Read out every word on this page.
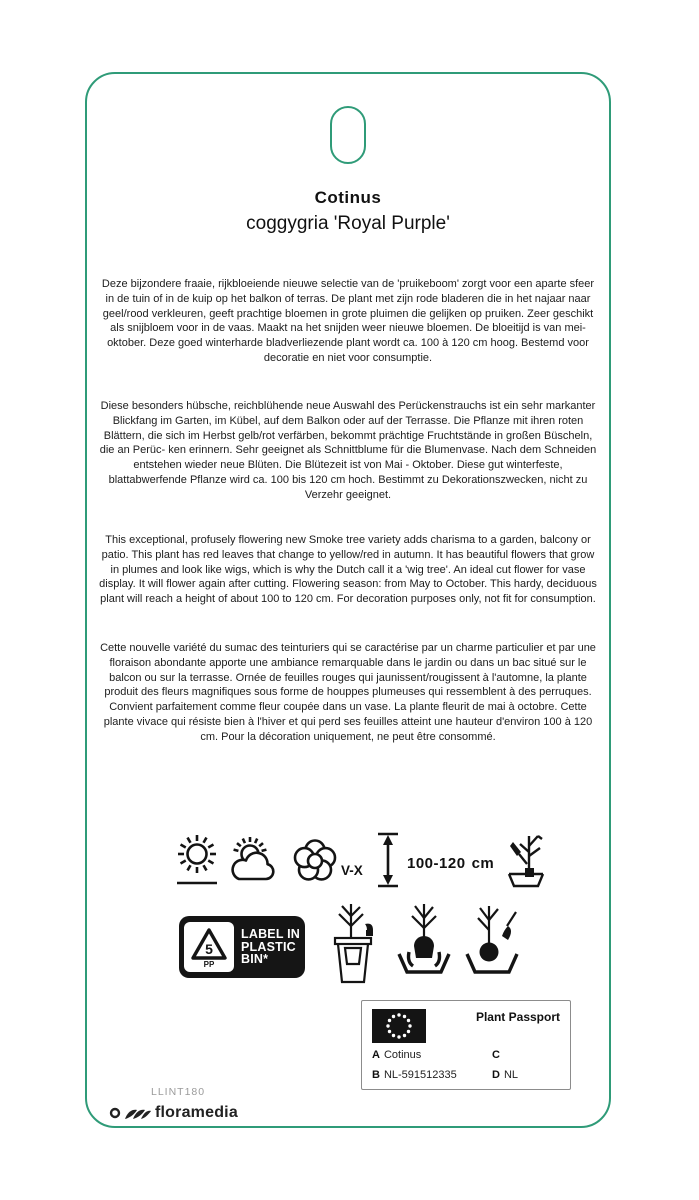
Cotinus
coggygria 'Royal Purple'

Deze bijzondere fraaie, rijkbloeiende nieuwe selectie van de 'pruikeboom' zorgt voor een aparte sfeer in de tuin of in de kuip op het balkon of terras. De plant met zijn rode bladeren die in het najaar naar geel/rood verkleuren, geeft prachtige bloemen in grote pluimen die gelijken op pruiken. Zeer geschikt als snijbloem voor in de vaas. Maakt na het snijden weer nieuwe bloemen. De bloeitijd is van mei-oktober. Deze goed winterharde bladverliezende plant wordt ca. 100 à 120 cm hoog. Bestemd voor decoratie en niet voor consumptie.

Diese besonders hübsche, reichblühende neue Auswahl des Perückenstrauchs ist ein sehr markanter Blickfang im Garten, im Kübel, auf dem Balkon oder auf der Terrasse. Die Pflanze mit ihren roten Blättern, die sich im Herbst gelb/rot verfärben, bekommt prächtige Fruchtstände in großen Büscheln, die an Perüc- ken erinnern. Sehr geeignet als Schnittblume für die Blumenvase. Nach dem Schneiden entstehen wieder neue Blüten. Die Blütezeit ist von Mai - Oktober. Diese gut winterfeste, blattabwerfende Pflanze wird ca. 100 bis 120 cm hoch. Bestimmt zu Dekorationszwecken, nicht zu Verzehr geeignet.

This exceptional, profusely flowering new Smoke tree variety adds charisma to a garden, balcony or patio. This plant has red leaves that change to yellow/red in autumn. It has beautiful flowers that grow in plumes and look like wigs, which is why the Dutch call it a 'wig tree'. An ideal cut flower for vase display. It will flower again after cutting. Flowering season: from May to October. This hardy, deciduous plant will reach a height of about 100 to 120 cm. For decoration purposes only, not fit for consumption.

Cette nouvelle variété du sumac des teinturiers qui se caractérise par un charme particulier et par une floraison abondante apporte une ambiance remarquable dans le jardin ou dans un bac situé sur le balcon ou sur la terrasse. Ornée de feuilles rouges qui jaunissent/rougissent à l'automne, la plante produit des fleurs magnifiques sous forme de houppes plumeuses qui ressemblent à des perruques. Convient parfaitement comme fleur coupée dans un vase. La plante fleurit de mai à octobre. Cette plante vivace qui résiste bien à l'hiver et qui perd ses feuilles atteint une hauteur d'environ 100 à 120 cm. Pour la décoration uniquement, ne peut être consommé.

V-X	100-120 cm
5
PP
LABEL IN
PLASTIC
BIN*
Plant Passport
A Cotinus	C
B NL-591512335	D NL
LLINT180
floramedia
